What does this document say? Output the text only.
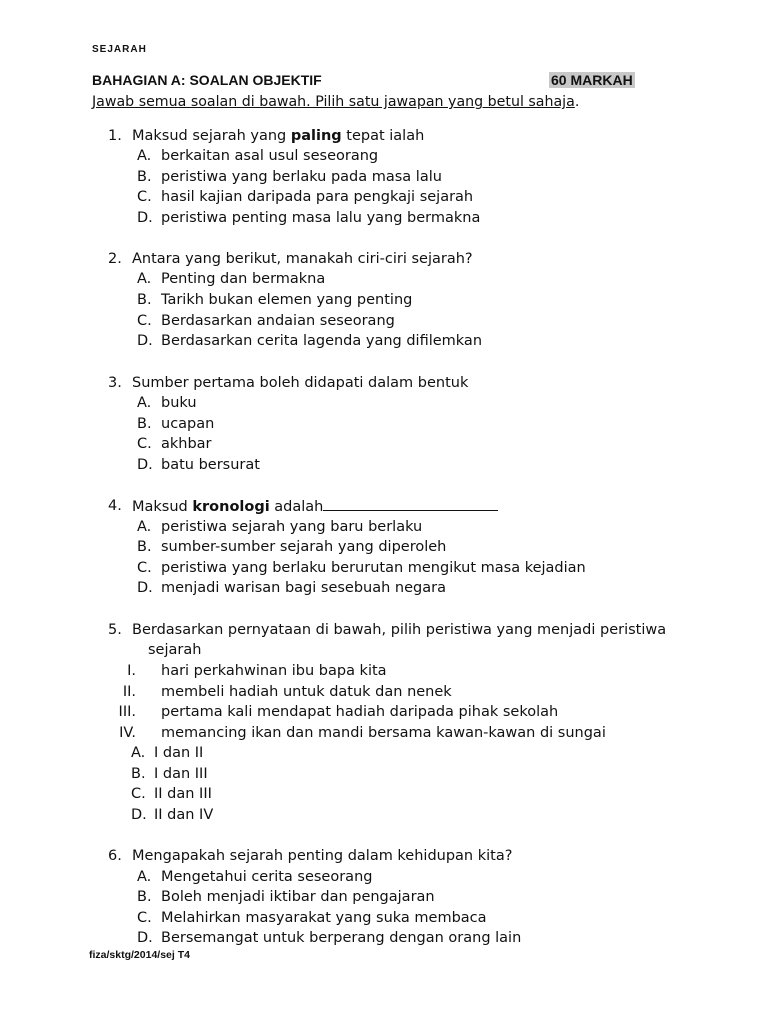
SEJARAH
BAHAGIAN A: SOALAN OBJEKTIF	60 MARKAH
Jawab semua soalan di bawah. Pilih satu jawapan yang betul sahaja.
1. Maksud sejarah yang paling tepat ialah
A. berkaitan asal usul seseorang
B. peristiwa yang berlaku pada masa lalu
C. hasil kajian daripada para pengkaji sejarah
D. peristiwa penting masa lalu yang bermakna
2. Antara yang berikut, manakah ciri-ciri sejarah?
A. Penting dan bermakna
B. Tarikh bukan elemen yang penting
C. Berdasarkan andaian seseorang
D. Berdasarkan cerita lagenda yang difilemkan
3. Sumber pertama boleh didapati dalam bentuk
A. buku
B. ucapan
C. akhbar
D. batu bersurat
4. Maksud kronologi adalah
A. peristiwa sejarah yang baru berlaku
B. sumber-sumber sejarah yang diperoleh
C. peristiwa yang berlaku berurutan mengikut masa kejadian
D. menjadi warisan bagi sesebuah negara
5. Berdasarkan pernyataan di bawah, pilih peristiwa yang menjadi peristiwa
sejarah
I. hari perkahwinan ibu bapa kita
II. membeli hadiah untuk datuk dan nenek
III. pertama kali mendapat hadiah daripada pihak sekolah
IV. memancing ikan dan mandi bersama kawan-kawan di sungai
A. I dan II
B. I dan III
C. II dan III
D. II dan IV
6. Mengapakah sejarah penting dalam kehidupan kita?
A. Mengetahui cerita seseorang
B. Boleh menjadi iktibar dan pengajaran
C. Melahirkan masyarakat yang suka membaca
D. Bersemangat untuk berperang dengan orang lain
fiza/sktg/2014/sej T4
